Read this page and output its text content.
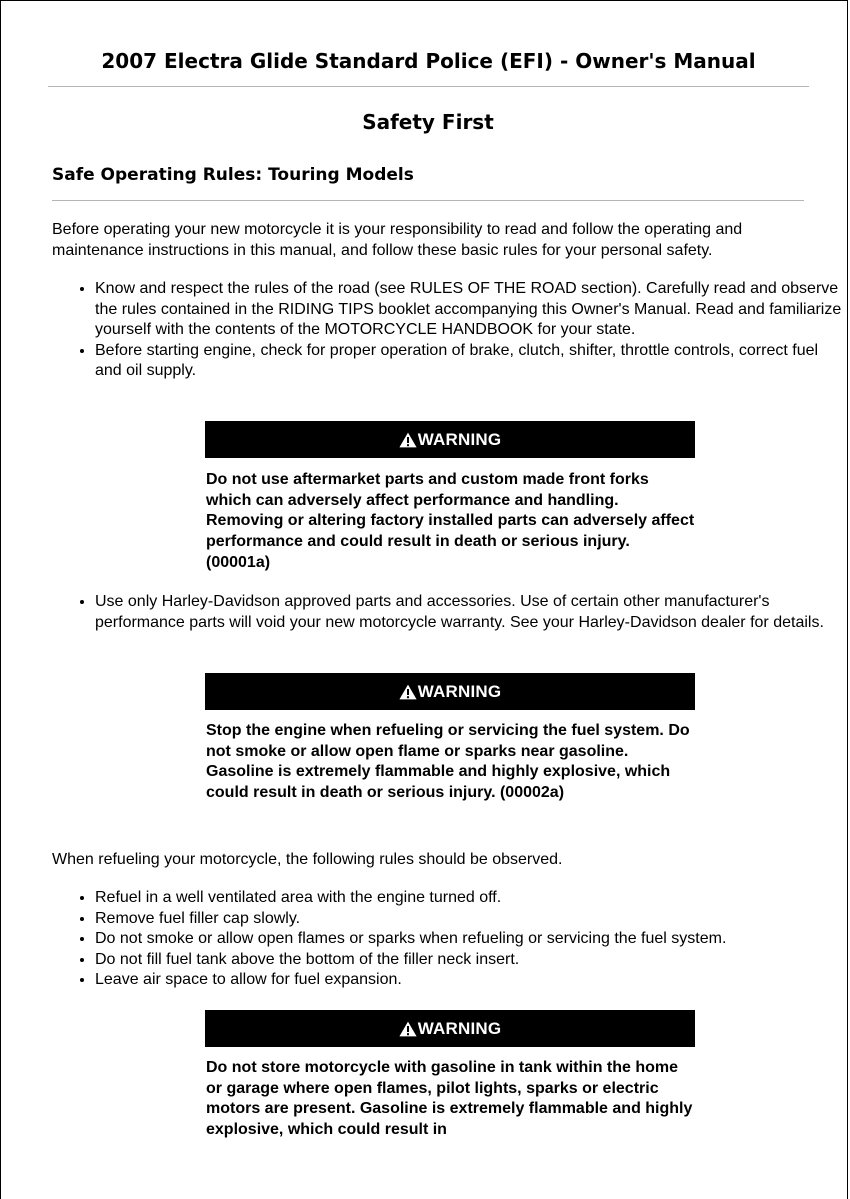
2007 Electra Glide Standard Police (EFI) - Owner's Manual
Safety First
Safe Operating Rules: Touring Models

Before operating your new motorcycle it is your responsibility to read and follow the operating and maintenance instructions in this manual, and follow these basic rules for your personal safety.

• Know and respect the rules of the road (see RULES OF THE ROAD section). Carefully read and observe the rules contained in the RIDING TIPS booklet accompanying this Owner's Manual. Read and familiarize yourself with the contents of the MOTORCYCLE HANDBOOK for your state.
• Before starting engine, check for proper operation of brake, clutch, shifter, throttle controls, correct fuel and oil supply.
WARNING

Do not use aftermarket parts and custom made front forks which can adversely affect performance and handling. Removing or altering factory installed parts can adversely affect performance and could result in death or serious injury. (00001a)

• Use only Harley-Davidson approved parts and accessories. Use of certain other manufacturer's performance parts will void your new motorcycle warranty. See your Harley-Davidson dealer for details.
WARNING

Stop the engine when refueling or servicing the fuel system. Do not smoke or allow open flame or sparks near gasoline. Gasoline is extremely flammable and highly explosive, which could result in death or serious injury. (00002a)

When refueling your motorcycle, the following rules should be observed.

• Refuel in a well ventilated area with the engine turned off.
• Remove fuel filler cap slowly.
• Do not smoke or allow open flames or sparks when refueling or servicing the fuel system.
• Do not fill fuel tank above the bottom of the filler neck insert.
• Leave air space to allow for fuel expansion.
WARNING

Do not store motorcycle with gasoline in tank within the home or garage where open flames, pilot lights, sparks or electric motors are present. Gasoline is extremely flammable and highly explosive, which could result in
